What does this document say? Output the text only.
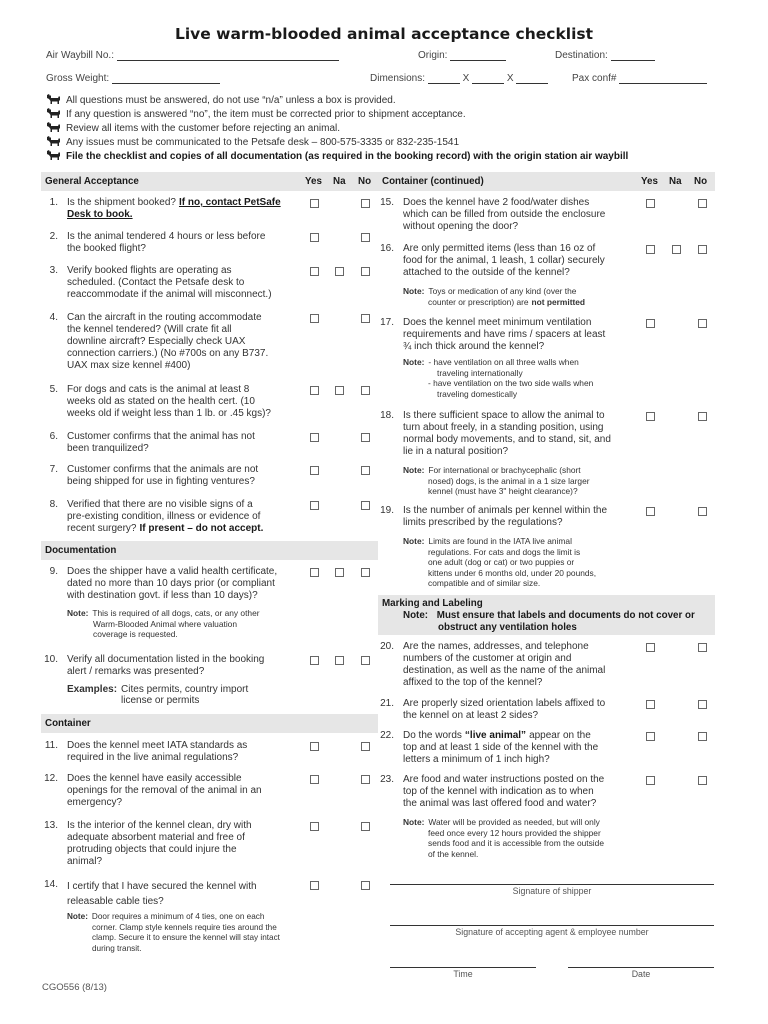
Live warm-blooded animal acceptance checklist
Air Waybill No.:	Origin:	Destination:
Gross Weight:	Dimensions:	X	X	Pax conf#
All questions must be answered, do not use “n/a” unless a box is provided.
If any question is answered “no”, the item must be corrected prior to shipment acceptance.
Review all items with the customer before rejecting an animal.
Any issues must be communicated to the Petsafe desk – 800-575-3335 or 832-235-1541
File the checklist and copies of all documentation (as required in the booking record) with the origin station air waybill
General Acceptance	Yes Na No	Container (continued)	Yes Na No
Documentation
Container
Marking and Labeling
Note: Must ensure that labels and documents do not cover or
obstruct any ventilation holes
1. Is the shipment booked? If no, contact PetSafe
Desk to book.
2. Is the animal tendered 4 hours or less before
the booked flight?
3. Verify booked flights are operating as
scheduled. (Contact the Petsafe desk to
reaccommodate if the animal will misconnect.)
4. Can the aircraft in the routing accommodate
the kennel tendered? (Will crate fit all
downline aircraft? Especially check UAX
connection carriers.) (No #700s on any B737.
UAX max size kennel #400)
5. For dogs and cats is the animal at least 8
weeks old as stated on the health cert. (10
weeks old if weight less than 1 lb. or .45 kgs)?
6. Customer confirms that the animal has not
been tranquilized?
7. Customer confirms that the animals are not
being shipped for use in fighting ventures?
8. Verified that there are no visible signs of a
pre-existing condition, illness or evidence of
recent surgery? If present – do not accept.
9. Does the shipper have a valid health certificate,
dated no more than 10 days prior (or compliant
with destination govt. if less than 10 days)?
10. Verify all documentation listed in the booking
alert / remarks was presented?
11. Does the kennel meet IATA standards as
required in the live animal regulations?
12. Does the kennel have easily accessible
openings for the removal of the animal in an
emergency?
13. Is the interior of the kennel clean, dry with
adequate absorbent material and free of
protruding objects that could injure the
animal?
14. I certify that I have secured the kennel with
releasable cable ties?
15. Does the kennel have 2 food/water dishes
which can be filled from outside the enclosure
without opening the door?
16. Are only permitted items (less than 16 oz of
food for the animal, 1 leash, 1 collar) securely
attached to the outside of the kennel?
17. Does the kennel meet minimum ventilation
requirements and have rims / spacers at least
¾ inch thick around the kennel?
18. Is there sufficient space to allow the animal to
turn about freely, in a standing position, using
normal body movements, and to stand, sit, and
lie in a natural position?
19. Is the number of animals per kennel within the
limits prescribed by the regulations?
20. Are the names, addresses, and telephone
numbers of the customer at origin and
destination, as well as the name of the animal
affixed to the top of the kennel?
21. Are properly sized orientation labels affixed to
the kennel on at least 2 sides?
22. Do the words “live animal” appear on the
top and at least 1 side of the kennel with the
letters a minimum of 1 inch high?
23. Are food and water instructions posted on the
top of the kennel with indication as to when
the animal was last offered food and water?
Note: This is required of all dogs, cats, or any other
Warm-Blooded Animal where valuation
coverage is requested.
Examples: Cites permits, country import
license or permits
Note: Door requires a minimum of 4 ties, one on each
corner. Clamp style kennels require ties around the
clamp. Secure it to ensure the kennel will stay intact
during transit.
Note: Toys or medication of any kind (over the
counter or prescription) are not permitted
Note: - have ventilation on all three walls when
traveling internationally
- have ventilation on the two side walls when
traveling domestically
Note: For international or brachycephalic (short
nosed) dogs, is the animal in a 1 size larger
kennel (must have 3" height clearance)?
Note: Limits are found in the IATA live animal
regulations. For cats and dogs the limit is
one adult (dog or cat) or two puppies or
kittens under 6 months old, under 20 pounds,
compatible and of similar size.
Note: Water will be provided as needed, but will only
feed once every 12 hours provided the shipper
sends food and it is accessible from the outside
of the kennel.
Signature of shipper
Signature of accepting agent & employee number
Time	Date
CGO556 (8/13)
